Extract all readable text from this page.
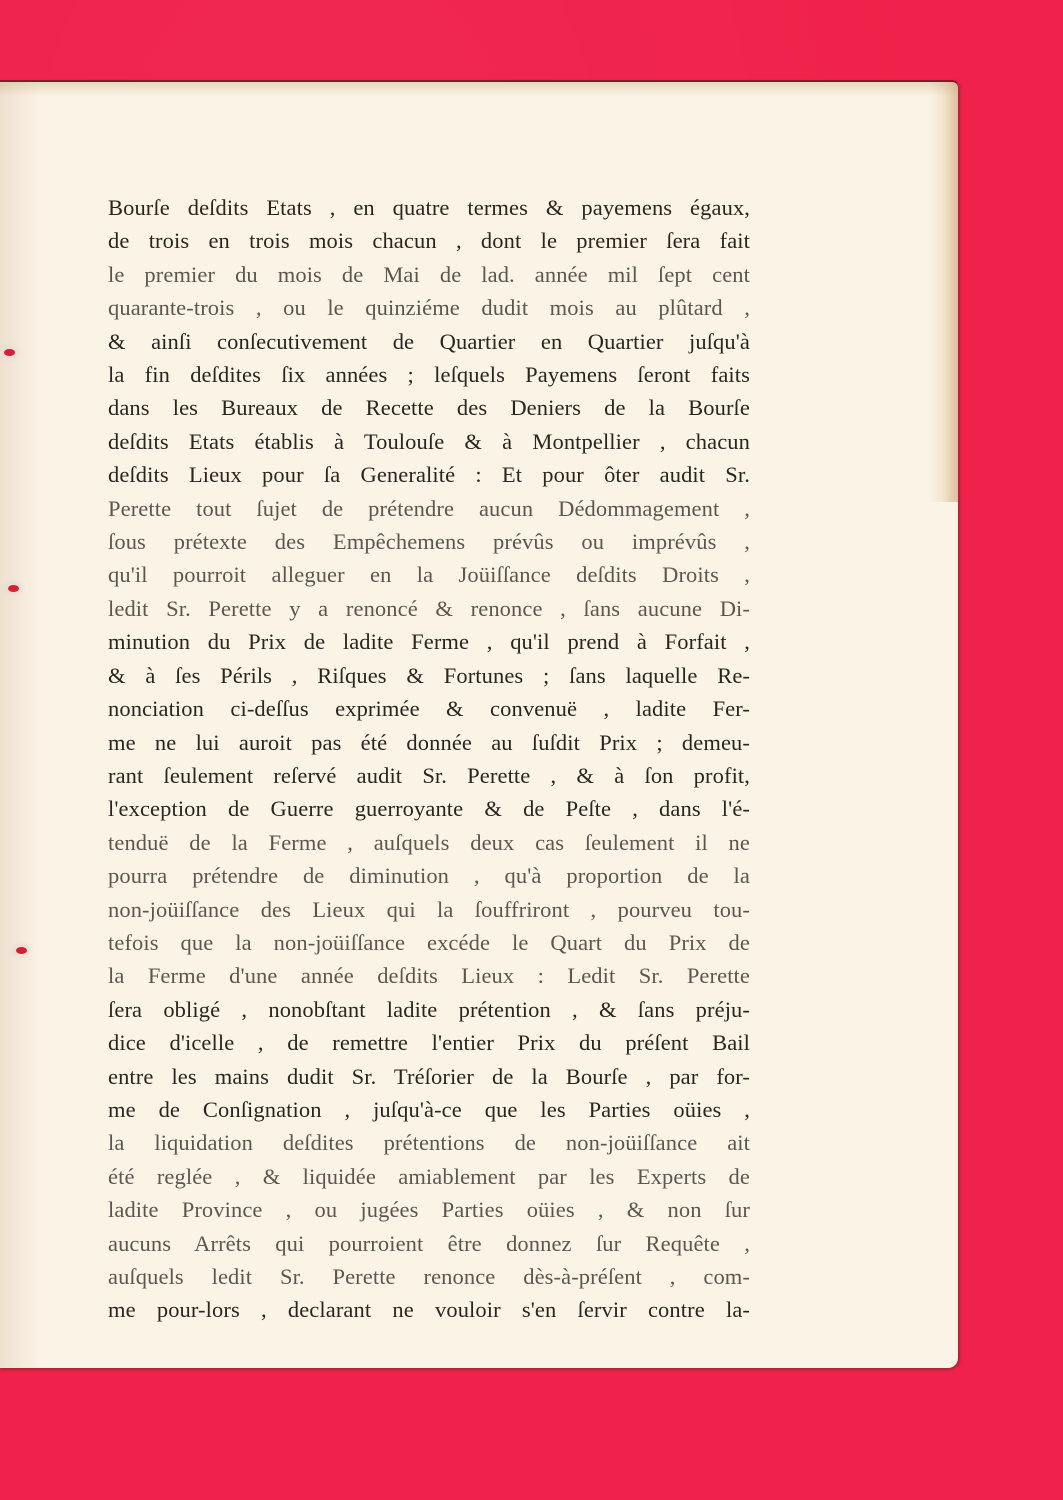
Bourſe deſdits Etats , en quatre termes & payemens égaux,
de trois en trois mois chacun , dont le premier ſera fait
le premier du mois de Mai de lad. année mil ſept cent
quarante-trois , ou le quinziéme dudit mois au plûtard ,
& ainſi conſecutivement de Quartier en Quartier juſqu'à
la fin deſdites ſix années ; leſquels Payemens ſeront faits
dans les Bureaux de Recette des Deniers de la Bourſe
deſdits Etats établis à Toulouſe & à Montpellier , chacun
deſdits Lieux pour ſa Generalité : Et pour ôter audit Sr.
Perette tout ſujet de prétendre aucun Dédommagement ,
ſous prétexte des Empêchemens prévûs ou imprévûs ,
qu'il pourroit alleguer en la Joüiſſance deſdits Droits ,
ledit Sr. Perette y a renoncé & renonce , ſans aucune Di-
minution du Prix de ladite Ferme , qu'il prend à Forfait ,
& à ſes Périls , Riſques & Fortunes ; ſans laquelle Re-
nonciation ci-deſſus exprimée & convenuë , ladite Fer-
me ne lui auroit pas été donnée au ſuſdit Prix ; demeu-
rant ſeulement reſervé audit Sr. Perette , & à ſon profit,
l'exception de Guerre guerroyante & de Peſte , dans l'é-
tenduë de la Ferme , auſquels deux cas ſeulement il ne
pourra prétendre de diminution , qu'à proportion de la
non-joüiſſance des Lieux qui la ſouffriront , pourveu tou-
tefois que la non-joüiſſance excéde le Quart du Prix de
la Ferme d'une année deſdits Lieux : Ledit Sr. Perette
ſera obligé , nonobſtant ladite prétention , & ſans préju-
dice d'icelle , de remettre l'entier Prix du préſent Bail
entre les mains dudit Sr. Tréſorier de la Bourſe , par for-
me de Conſignation , juſqu'à-ce que les Parties oüies ,
la liquidation deſdites prétentions de non-joüiſſance ait
été reglée , & liquidée amiablement par les Experts de
ladite Province , ou jugées Parties oüies , & non ſur
aucuns Arrêts qui pourroient être donnez ſur Requête ,
auſquels ledit Sr. Perette renonce dès-à-préſent , com-
me pour-lors , declarant ne vouloir s'en ſervir contre la-
